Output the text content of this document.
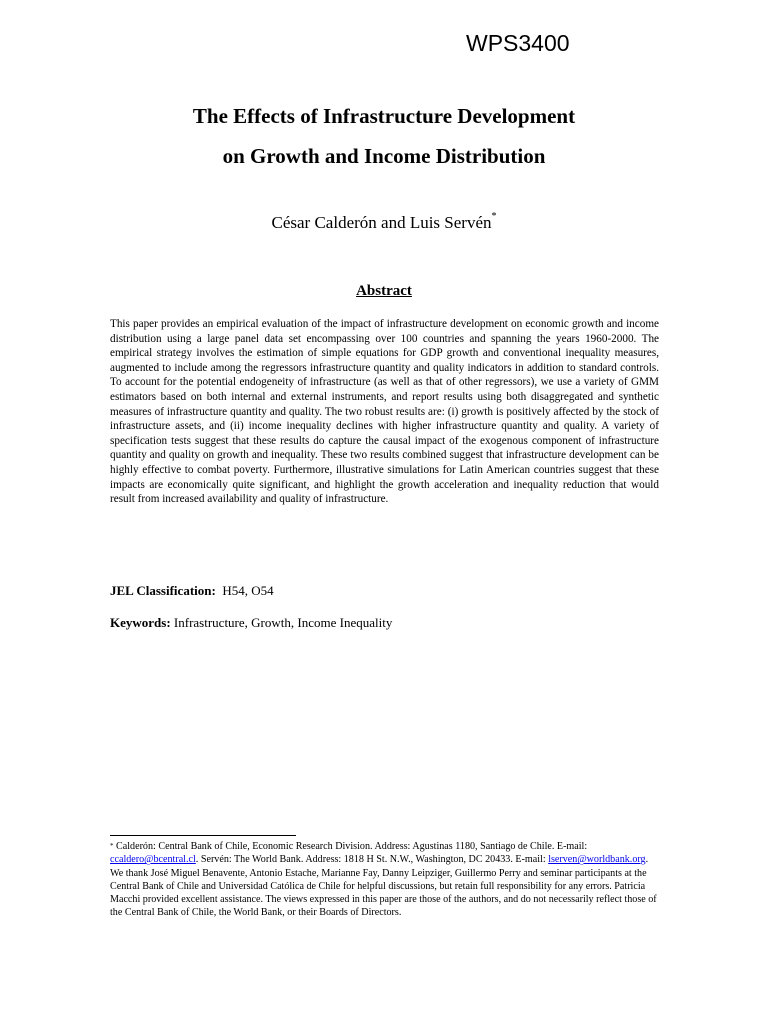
WPS3400
The Effects of Infrastructure Development
on Growth and Income Distribution
César Calderón and Luis Servén*
Abstract
This paper provides an empirical evaluation of the impact of infrastructure development on economic growth and income distribution using a large panel data set encompassing over 100 countries and spanning the years 1960-2000. The empirical strategy involves the estimation of simple equations for GDP growth and conventional inequality measures, augmented to include among the regressors infrastructure quantity and quality indicators in addition to standard controls. To account for the potential endogeneity of infrastructure (as well as that of other regressors), we use a variety of GMM estimators based on both internal and external instruments, and report results using both disaggregated and synthetic measures of infrastructure quantity and quality. The two robust results are: (i) growth is positively affected by the stock of infrastructure assets, and (ii) income inequality declines with higher infrastructure quantity and quality. A variety of specification tests suggest that these results do capture the causal impact of the exogenous component of infrastructure quantity and quality on growth and inequality. These two results combined suggest that infrastructure development can be highly effective to combat poverty. Furthermore, illustrative simulations for Latin American countries suggest that these impacts are economically quite significant, and highlight the growth acceleration and inequality reduction that would result from increased availability and quality of infrastructure.
JEL Classification: H54, O54
Keywords: Infrastructure, Growth, Income Inequality
* Calderón: Central Bank of Chile, Economic Research Division. Address: Agustinas 1180, Santiago de Chile. E-mail: ccaldero@bcentral.cl. Servén: The World Bank. Address: 1818 H St. N.W., Washington, DC 20433. E-mail: lserven@worldbank.org. We thank José Miguel Benavente, Antonio Estache, Marianne Fay, Danny Leipziger, Guillermo Perry and seminar participants at the Central Bank of Chile and Universidad Católica de Chile for helpful discussions, but retain full responsibility for any errors. Patricia Macchi provided excellent assistance. The views expressed in this paper are those of the authors, and do not necessarily reflect those of the Central Bank of Chile, the World Bank, or their Boards of Directors.
